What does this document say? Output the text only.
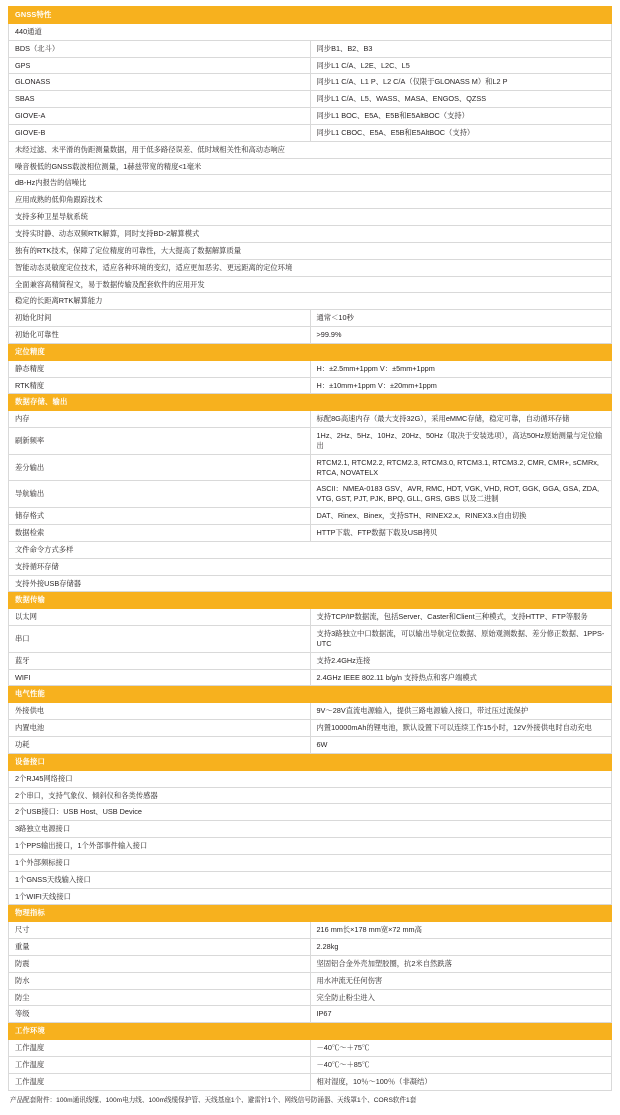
GNSS特性	
440通道	
BDS（北斗）	同步B1、B2、B3
GPS	同步L1 C/A、L2E、L2C、L5
GLONASS	同步L1 C/A、L1 P、L2 C/A（仅限于GLONASS M）和L2 P
SBAS	同步L1 C/A、L5、WASS、MASA、ENGOS、QZSS
GIOVE-A	同步L1 BOC、E5A、E5B和E5AltBOC（支持）
GIOVE-B	同步L1 CBOC、E5A、E5B和E5AltBOC（支持）
未经过滤、未平滑的伪距测量数据，用于低多路径误差、低时域相关性和高动态响应	
噪音极低的GNSS载波相位测量，1赫兹带宽的精度<1毫米	
dB-Hz内报告的信噪比	
应用成熟的低仰角跟踪技术	
支持多种卫星导航系统	
支持实时静、动态双频RTK解算，同时支持BD-2解算模式	
独有的RTK技术，保障了定位精度的可靠性，大大提高了数据解算质量	
智能动态灵敏度定位技术，适应各种环境的变幻，适应更加恶劣、更远距离的定位环境	
全面兼容高精简程文，易于数据传输及配套软件的应用开发	
稳定的长距离RTK解算能力	
初始化时间	通常＜10秒
初始化可靠性	>99.9%
定位精度	
静态精度	H：±2.5mm+1ppm V：±5mm+1ppm
RTK精度	H：±10mm+1ppm V：±20mm+1ppm
数据存储、输出	
内存	标配8G高速内存（最大支持32G），采用eMMC存储，稳定可靠，自动循环存储
刷新频率	1Hz、2Hz、5Hz、10Hz、20Hz、50Hz（取决于安装选项），高达50Hz原始测量与定位输出
差分输出	RTCM2.1, RTCM2.2, RTCM2.3, RTCM3.0, RTCM3.1, RTCM3.2, CMR, CMR+, sCMRx, RTCA, NOVATELX
导航输出	ASCII：NMEA-0183 GSV、AVR, RMC, HDT, VGK, VHD, ROT, GGK, GGA, GSA, ZDA, VTG, GST, PJT, PJK, BPQ, GLL, GRS, GBS 以及二进制
储存格式	DAT、Rinex、Binex，支持STH、RINEX2.x、RINEX3.x自由切换
数据检索	HTTP下载、FTP数据下载及USB拷贝
文件命令方式多样	
支持循环存储	
支持外接USB存储器	
数据传输	
以太网	支持TCP/IP数据流，包括Server、Caster和Client三种模式，支持HTTP、FTP等服务
串口	支持3路独立中口数据流，可以输出导航定位数据、原始观测数据、差分修正数据、1PPS-UTC
蓝牙	支持2.4GHz连接
WIFI	2.4GHz IEEE 802.11 b/g/n 支持热点和客户端模式
电气性能	
外接供电	9V～28V直流电源输入，提供三路电源输入接口，带过压过流保护
内置电池	内置10000mAh的锂电池，默认设置下可以连续工作15小时，12V外接供电时自动充电
功耗	6W
设备接口	
2个RJ45网络接口	
2个串口，支持气象仪、倾斜仪和各类传感器	
2个USB接口：USB Host、USB Device	
3路独立电源接口	
1个PPS输出接口，1个外部事件输入接口	
1个外部频标接口	
1个GNSS天线输入接口	
1个WIFI天线接口	
物理指标	
尺寸	216 mm长×178 mm宽×72 mm高
重量	2.28kg
防震	坚固铝合金外壳加塑胶圈，抗2米自然跌落
防水	用水冲流无任何伤害
防尘	完全防止粉尘进入
等级	IP67
工作环境	
工作温度	－40℃～＋75℃
工作温度	－40℃～＋85℃
工作温度	相对湿度，10％～100％（非凝结）
产品配套附件：100m通讯线缆、100m电力线、100m线缆保护管、天线基座1个、避雷针1个、网线信号防涌器、天线罩1个、CORS软件1套
